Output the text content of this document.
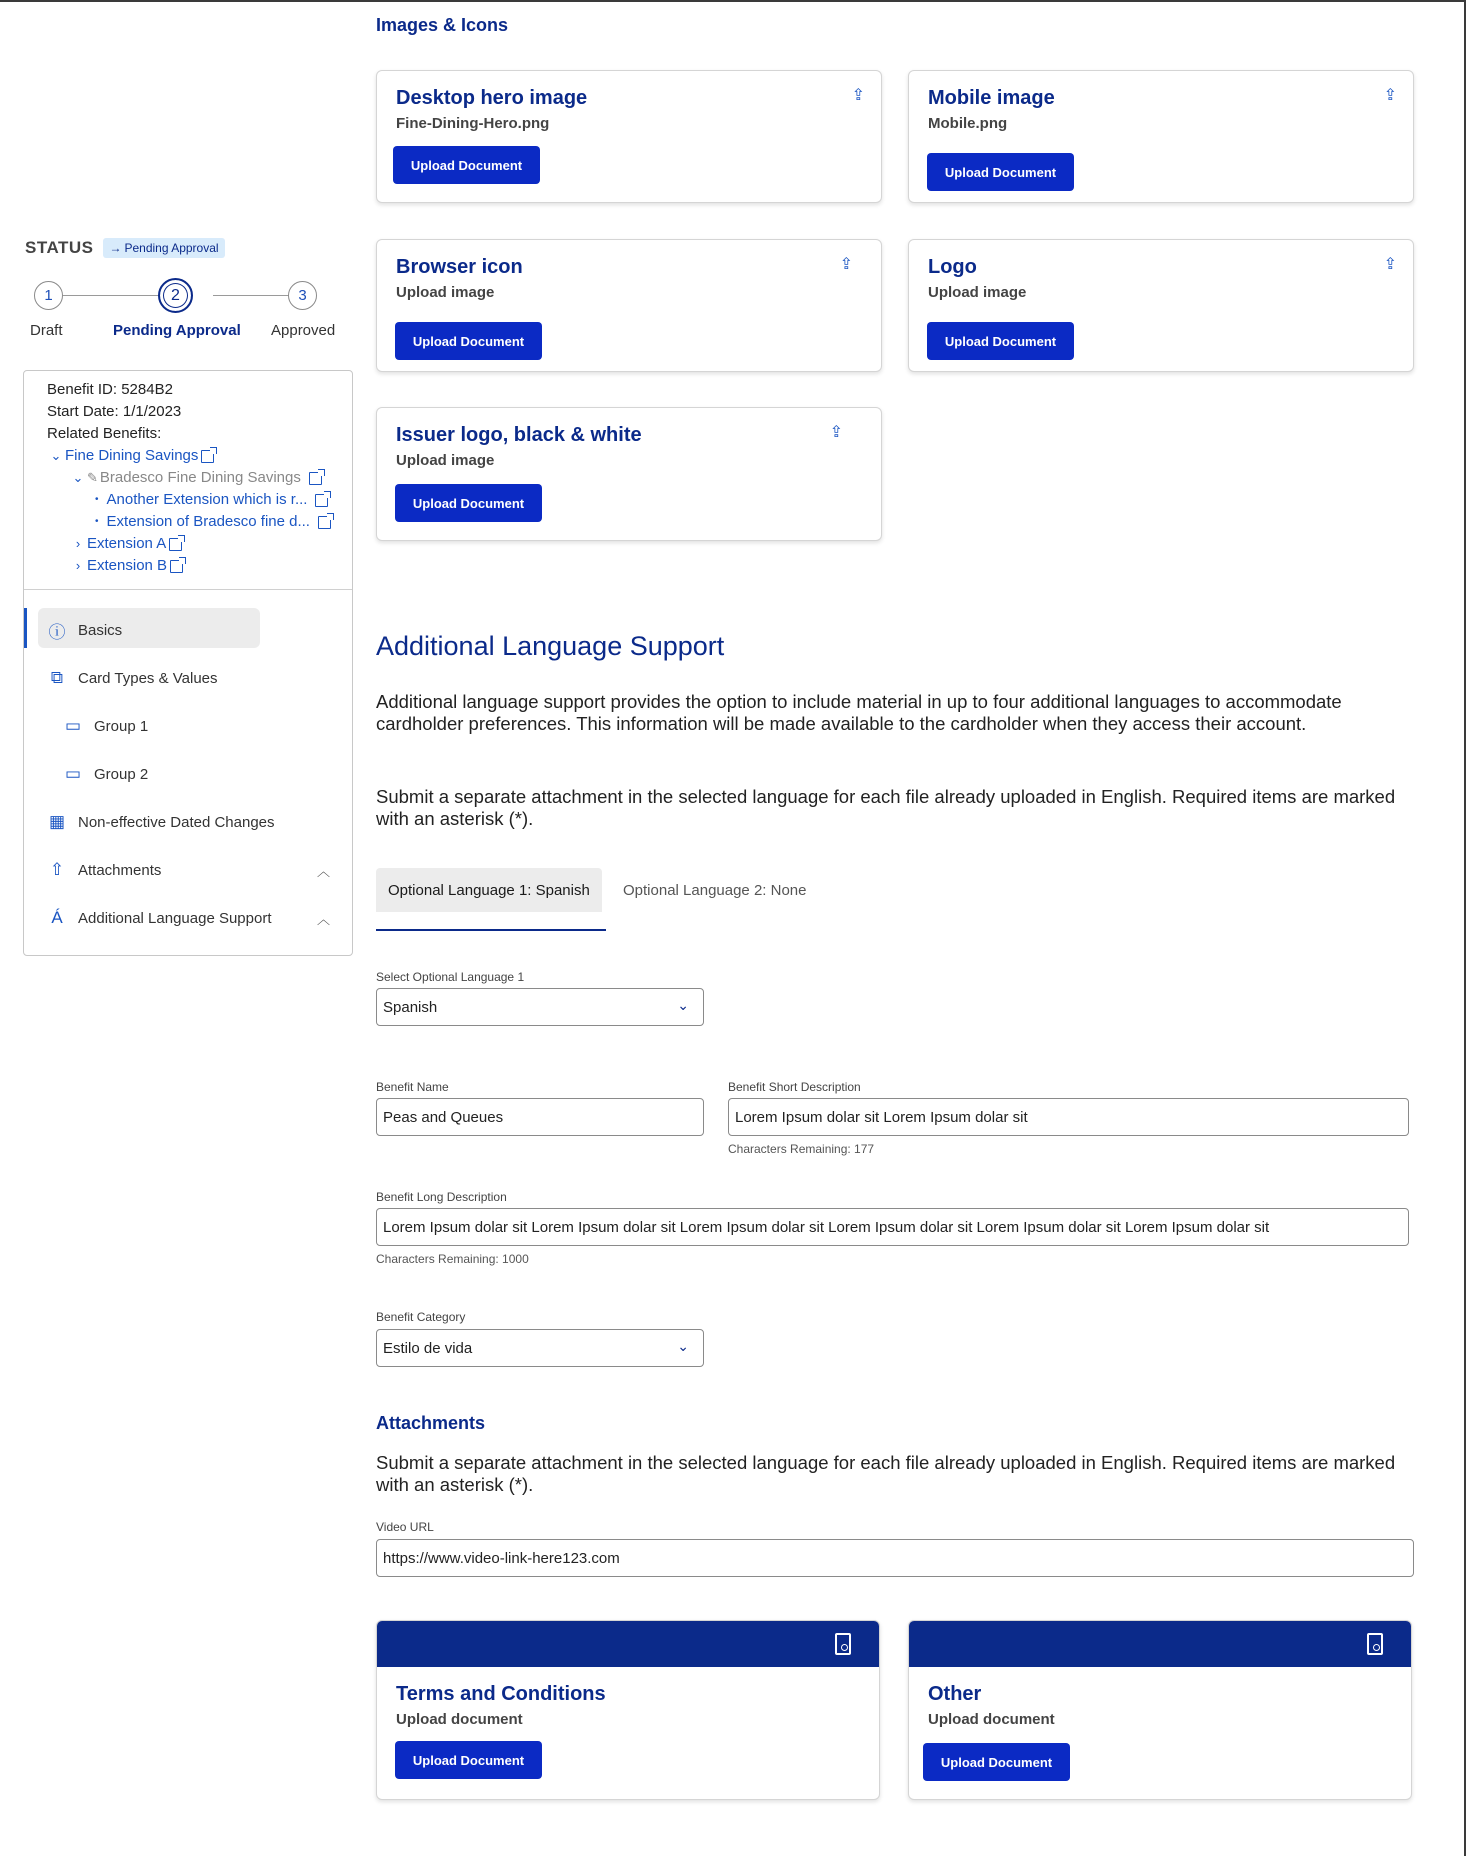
STATUS → Pending Approval
1	2	3
Draft	Pending Approval Approved
Benefit ID: 5284B2
Start Date: 1/1/2023
Related Benefits:
⌄ Fine Dining Savings
⌄ ✎ Bradesco Fine Dining Savings
• Another Extension which is r...
• Extension of Bradesco fine d...
› Extension A
› Extension B
ⓘ Basics
⧉ Card Types & Values
▭ Group 1
▭ Group 2
▦ Non-effective Dated Changes
⇧ Attachments	︿
Á	Additional Language Support	︿
Images & Icons
Desktop hero image
Fine-Dining-Hero.png
⇪
Upload Document
Mobile image
Mobile.png
⇪
Upload Document
Browser icon
Upload image
⇪
Upload Document
Logo
Upload image
⇪
Upload Document
Issuer logo, black & white
Upload image
⇪
Upload Document
Additional Language Support
Additional language support provides the option to include material in up to four additional languages to accommodate cardholder preferences. This information will be made available to the cardholder when they access their account.
Submit a separate attachment in the selected language for each file already uploaded in English. Required items are marked with an asterisk (*).
Optional Language 1: Spanish	Optional Language 2: None
Select Optional Language 1
Spanish	⌄
Benefit Name
Peas and Queues
Benefit Short Description
Lorem Ipsum dolar sit Lorem Ipsum dolar sit
Characters Remaining: 177
Benefit Long Description
Lorem Ipsum dolar sit Lorem Ipsum dolar sit Lorem Ipsum dolar sit Lorem Ipsum dolar sit Lorem Ipsum dolar sit Lorem Ipsum dolar sit
Characters Remaining: 1000
Benefit Category
Estilo de vida	⌄
Attachments
Submit a separate attachment in the selected language for each file already uploaded in English. Required items are marked with an asterisk (*).
Video URL
https://www.video-link-here123.com
Terms and Conditions
Upload document
Upload Document
Other
Upload document
Upload Document
